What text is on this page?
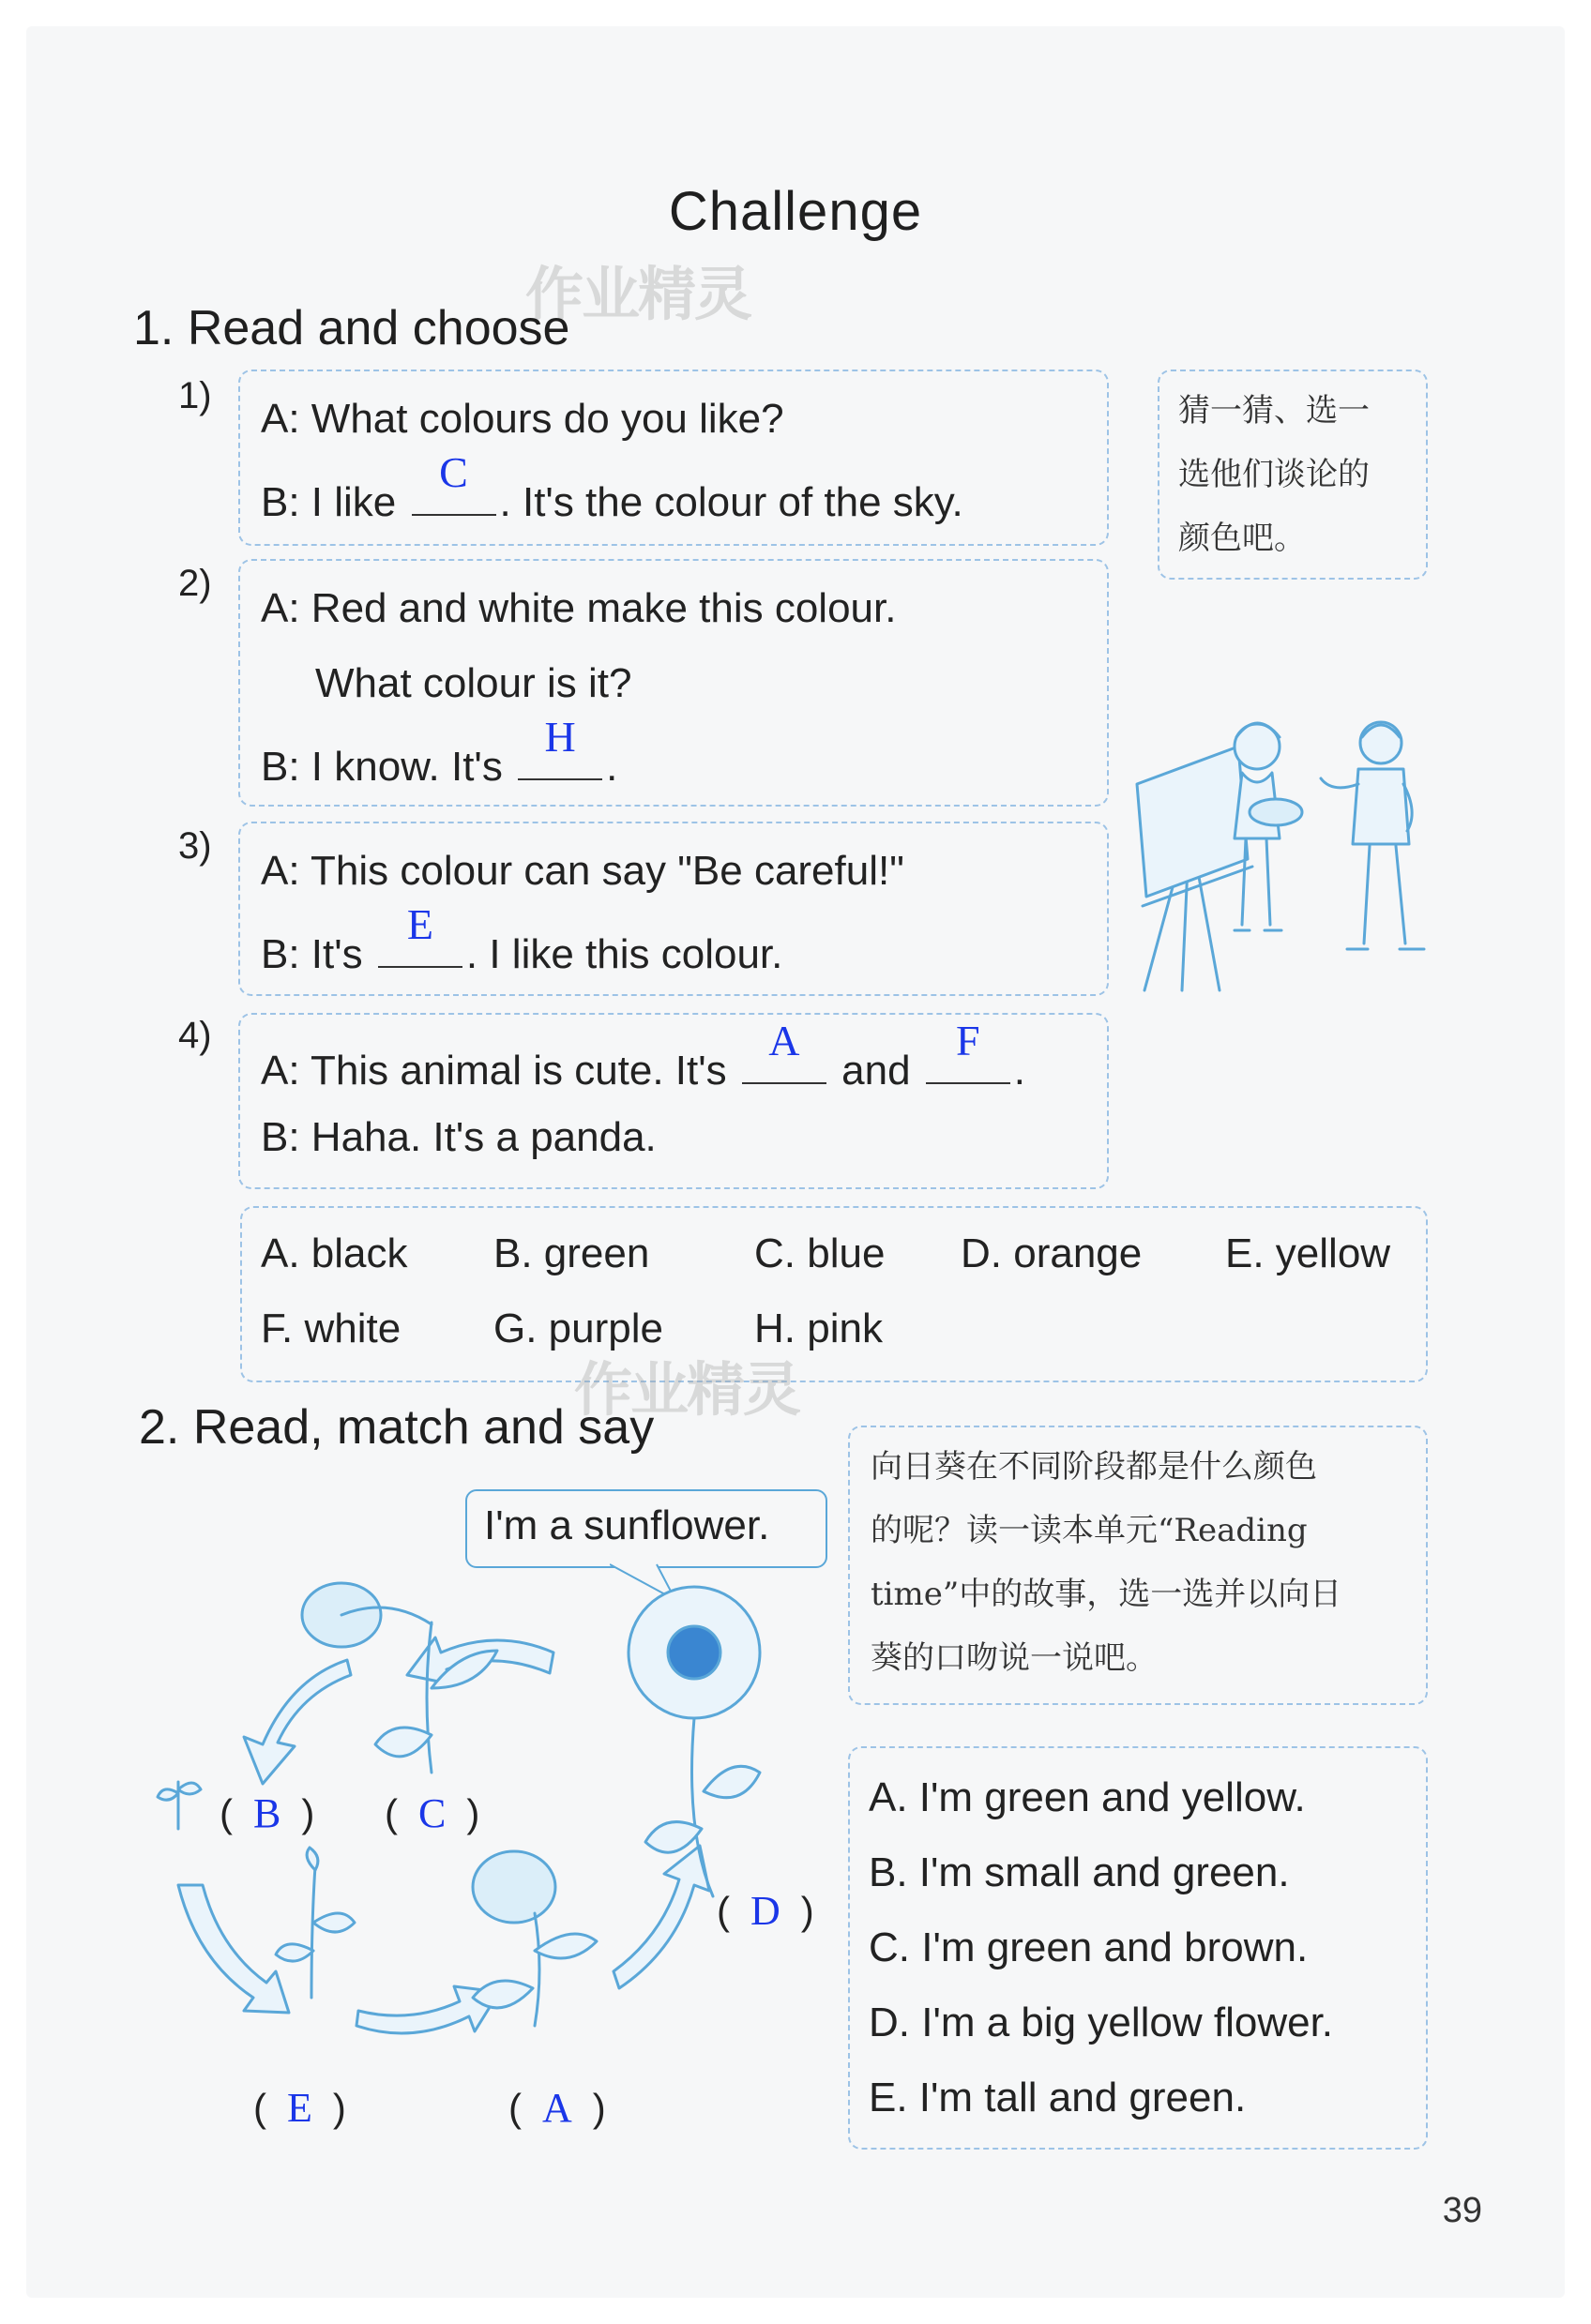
Challenge
作业精灵
1. Read and choose
1) A: What colours do you like?
B: I like
C
. It's the colour of the sky.
猜一猜、选一
选他们谈论的
颜色吧。
2)
A: Red and white make this colour.
What colour is it?
B: I know. It's
H
.
3)
A: This colour can say "Be careful!"
B: It's
E
. I like this colour.
4)
A: This animal is cute. It's
A
and
F
.
B: Haha. It's a panda.
A. black B. green	C. blue D. orange E. yellow
F. white G. purple H. pink
作业精灵
2. Read, match and say
I'm a sunflower.
向日葵在不同阶段都是什么颜色
的呢？读一读本单元“Reading
time”中的故事，选一选并以向日
葵的口吻说一说吧。
( B ) ( C )
( D )
( E )	( A )
A. I'm green and yellow.
B. I'm small and green.
C. I'm green and brown.
D. I'm a big yellow flower.
E. I'm tall and green.
39
